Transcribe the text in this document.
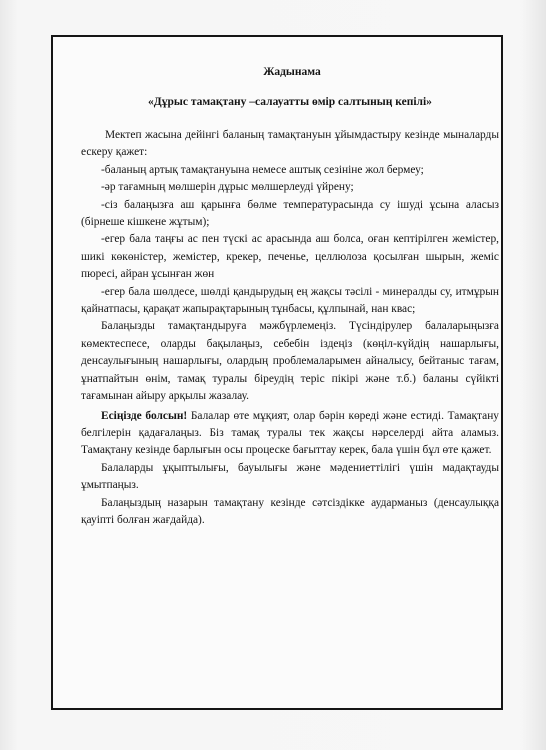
Жадынама
«Дұрыс тамақтану –салауатты өмір салтының кепілі»

Мектеп жасына дейінгі баланың тамақтануын ұйымдастыру кезінде мыналарды ескеру қажет:

-баланың артық тамақтануына немесе аштық сезініне жол бермеу;

-әр тағамның мөлшерін дұрыс мөлшерлеуді үйрену;

-сіз балаңызға аш қарынға бөлме температурасында су ішуді ұсына аласыз (бірнеше кішкене жұтым);

-егер бала таңғы ас пен түскі ас арасында аш болса, оған кептірілген жемістер, шикі көкөністер, жемістер, крекер, печенье, целлюлоза қосылған шырын, жеміс пюресі, айран ұсынған жөн

-егер бала шөлдесе, шөлді қандырудың ең жақсы тәсілі - минералды су, итмұрын қайнатпасы, қарақат жапырақтарының тұнбасы, құлпынай, нан квас;

Балаңызды тамақтандыруға мәжбүрлемеңіз. Түсіндірулер балаларыңызға көмектеспесе, оларды бақылаңыз, себебін іздеңіз (көңіл-күйдің нашарлығы, денсаулығының нашарлығы, олардың проблемаларымен айналысу, бейтаныс тағам, ұнатпайтын өнім, тамақ туралы біреудің теріс пікірі және т.б.) баланы сүйікті тағамынан айыру арқылы жазалау.

Есіңізде болсын! Балалар өте мұқият, олар бәрін көреді және естиді. Тамақтану белгілерін қадағалаңыз. Біз тамақ туралы тек жақсы нәрселерді айта аламыз. Тамақтану кезінде барлығын осы процеске бағыттау керек, бала үшін бұл өте қажет.

Балаларды ұқыптылығы, бауылығы және мәдениеттілігі үшін мадақтауды ұмытпаңыз.

Балаңыздың назарын тамақтану кезінде сәтсіздікке аударманыз (денсаулыққа қауіпті болған жағдайда).
